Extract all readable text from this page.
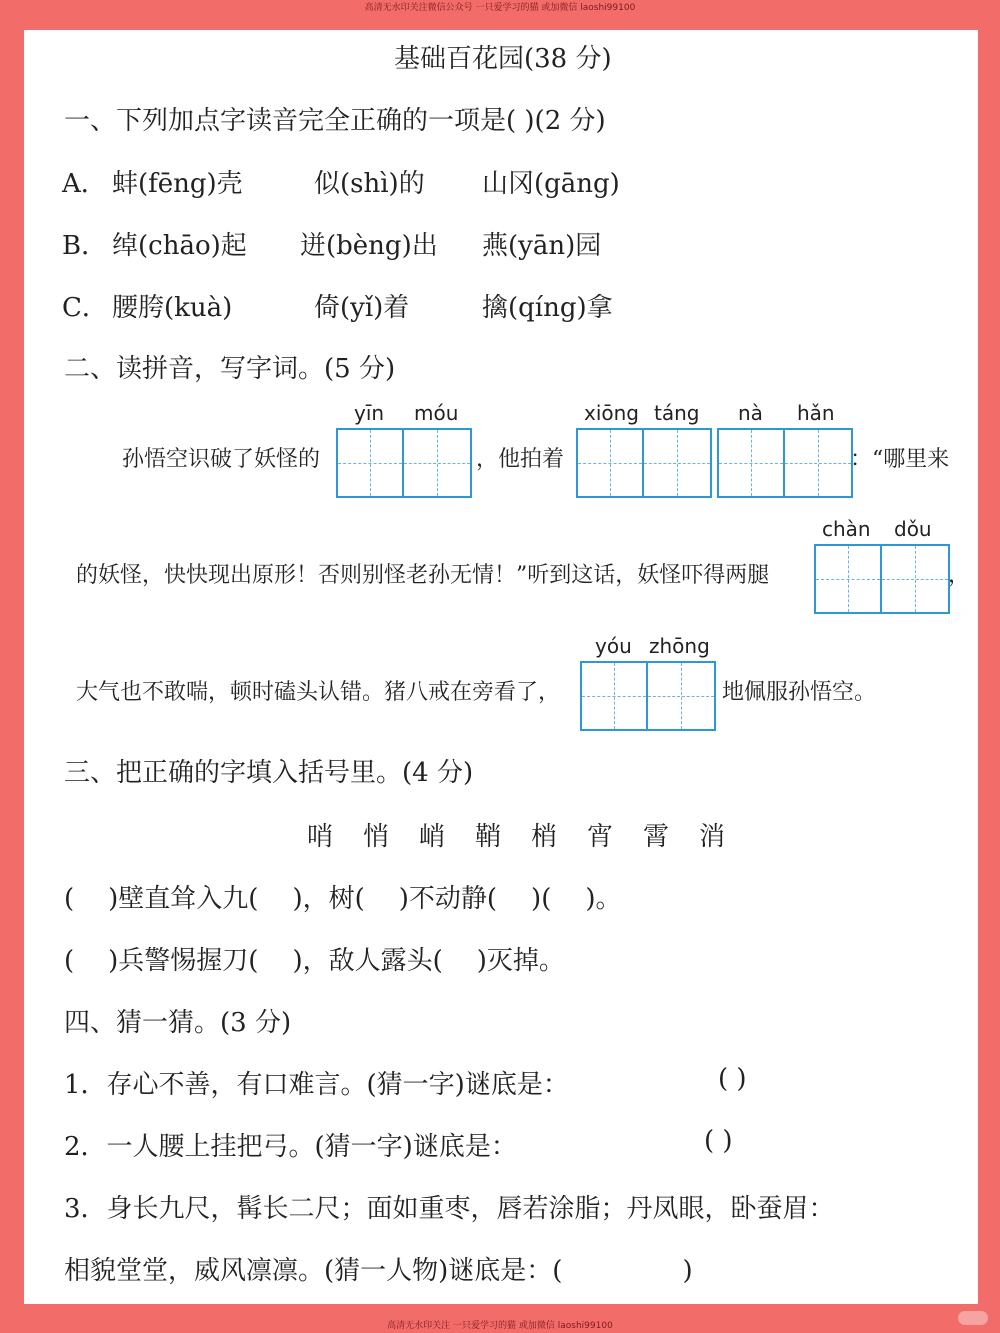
高清无水印关注微信公众号 一只爱学习的猫 或加微信 laoshi99100
基础百花园(38 分)
一、下列加点字读音完全正确的一项是( )(2 分)
A． 蚌(fēng)壳	似(shì)的 山冈(gāng)
B． 绰(chāo)起 迸(bèng)出 燕(yān)园
C． 腰胯(kuà)	倚(yǐ)着	擒(qíng)拿
二、读拼音，写字词。(5 分)
yīn móu	xiōng táng nà hǎn
孙悟空识破了妖怪的	，他拍着	：“哪里来
chàn dǒu
的妖怪，快快现出原形！否则别怪老孙无情！”听到这话，妖怪吓得两腿	，
yóu zhōng
大气也不敢喘，顿时磕头认错。猪八戒在旁看了，	地佩服孙悟空。
三、把正确的字填入括号里。(4 分)
哨 悄 峭 鞘 梢 宵 霄 消
( )壁直耸入九( )，树( )不动静( )( )。
( )兵警惕握刀( )，敌人露头( )灭掉。
四、猜一猜。(3 分)
1．存心不善，有口难言。(猜一字)谜底是：	( )
2．一人腰上挂把弓。(猜一字)谜底是：	( )
3．身长九尺，髯长二尺；面如重枣，唇若涂脂；丹凤眼，卧蚕眉：
相貌堂堂，威风凛凛。(猜一人物)谜底是：(	)
高清无水印关注 一只爱学习的猫 或加微信 laoshi99100
